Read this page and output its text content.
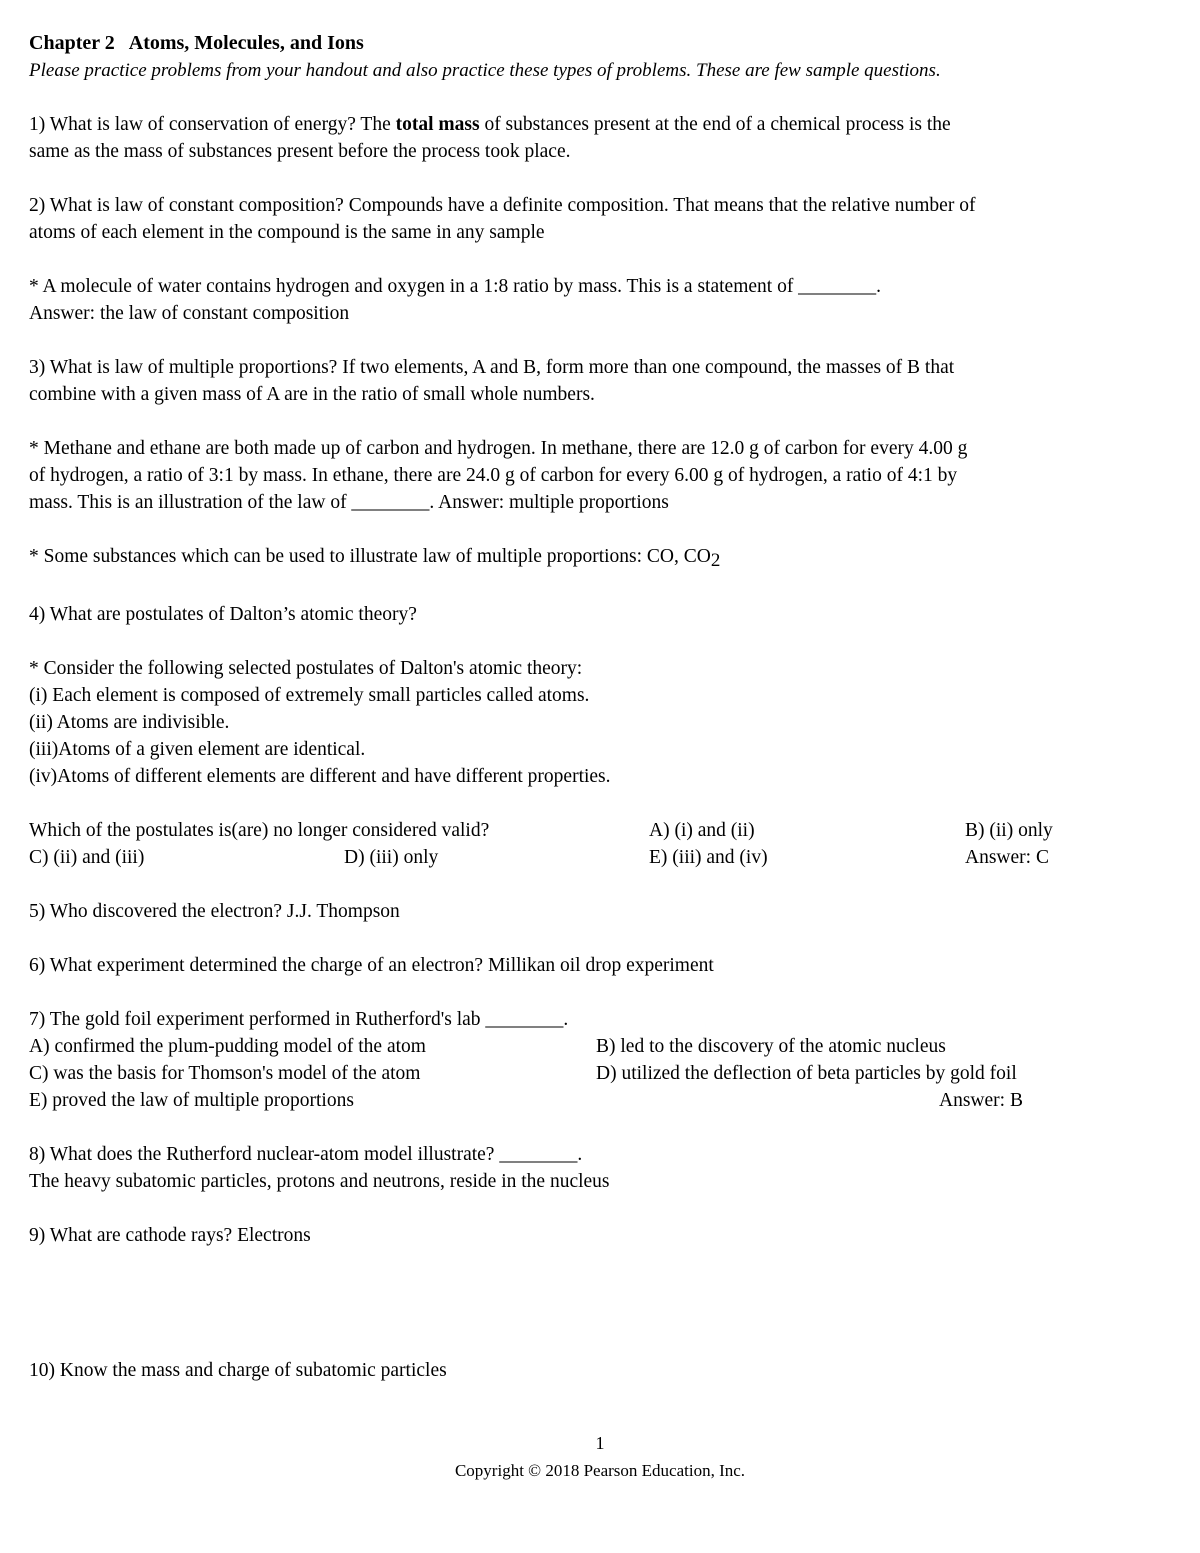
Chapter 2 Atoms, Molecules, and Ions
Please practice problems from your handout and also practice these types of problems. These are few sample questions.
1) What is law of conservation of energy? The total mass of substances present at the end of a chemical process is the
same as the mass of substances present before the process took place.
2) What is law of constant composition? Compounds have a definite composition. That means that the relative number of
atoms of each element in the compound is the same in any sample
* A molecule of water contains hydrogen and oxygen in a 1:8 ratio by mass. This is a statement of ________.
Answer: the law of constant composition
3) What is law of multiple proportions? If two elements, A and B, form more than one compound, the masses of B that
combine with a given mass of A are in the ratio of small whole numbers.
* Methane and ethane are both made up of carbon and hydrogen. In methane, there are 12.0 g of carbon for every 4.00 g
of hydrogen, a ratio of 3:1 by mass. In ethane, there are 24.0 g of carbon for every 6.00 g of hydrogen, a ratio of 4:1 by
mass. This is an illustration of the law of ________. Answer: multiple proportions
* Some substances which can be used to illustrate law of multiple proportions: CO, $CO_2$
4) What are postulates of Dalton’s atomic theory?
* Consider the following selected postulates of Dalton's atomic theory:
(i) Each element is composed of extremely small particles called atoms.
(ii) Atoms are indivisible.
(iii)Atoms of a given element are identical.
(iv)Atoms of different elements are different and have different properties.
Which of the postulates is(are) no longer considered valid?	A) (i) and (ii)	B) (ii) only
C) (ii) and (iii)	D) (iii) only	E) (iii) and (iv)	Answer: C
5) Who discovered the electron? J.J. Thompson
6) What experiment determined the charge of an electron? Millikan oil drop experiment
7) The gold foil experiment performed in Rutherford's lab ________.
A) confirmed the plum-pudding model of the atom	B) led to the discovery of the atomic nucleus
C) was the basis for Thomson's model of the atom	D) utilized the deflection of beta particles by gold foil
E) proved the law of multiple proportions	Answer: B
8) What does the Rutherford nuclear-atom model illustrate? ________.
The heavy subatomic particles, protons and neutrons, reside in the nucleus
9) What are cathode rays? Electrons
10) Know the mass and charge of subatomic particles
1
Copyright © 2018 Pearson Education, Inc.
